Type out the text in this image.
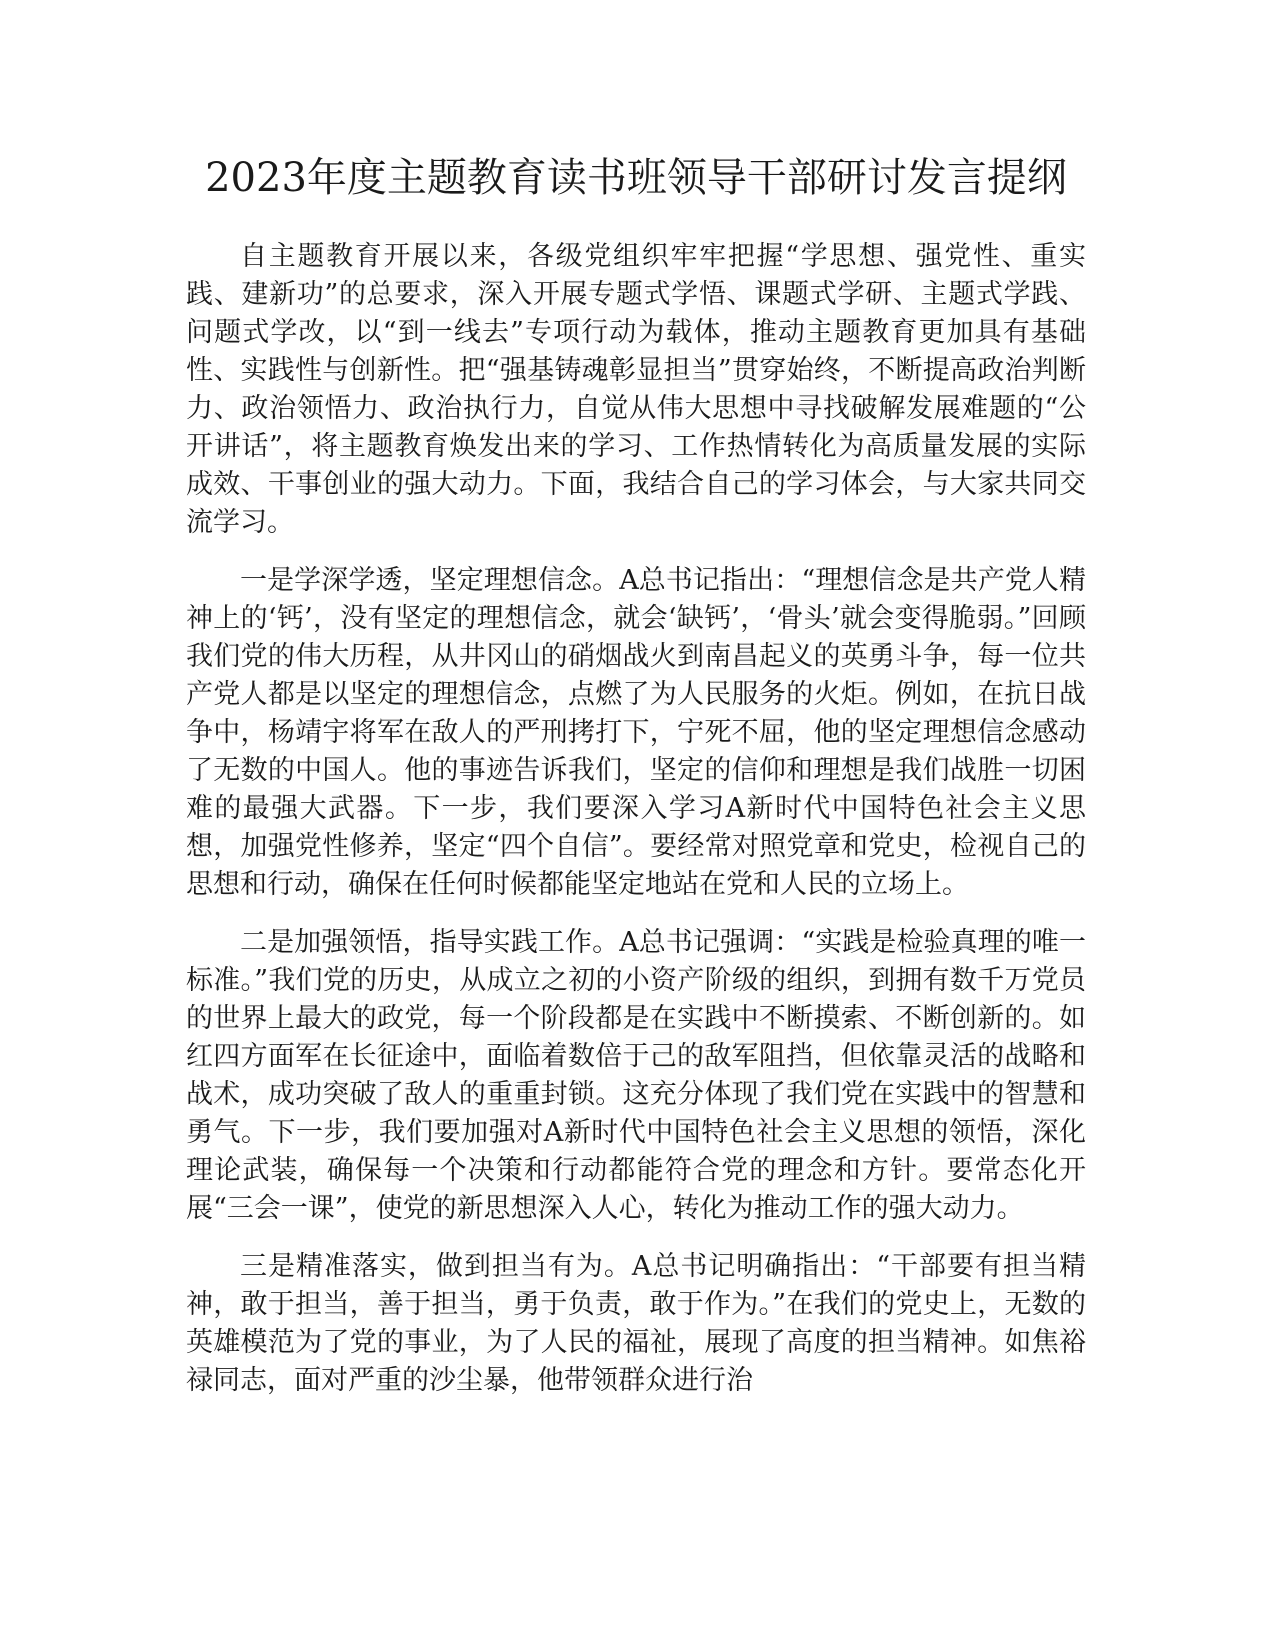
2023年度主题教育读书班领导干部研讨发言提纲

自主题教育开展以来，各级党组织牢牢把握“学思想、强党性、重实践、建新功”的总要求，深入开展专题式学悟、课题式学研、主题式学践、问题式学改，以“到一线去”专项行动为载体，推动主题教育更加具有基础性、实践性与创新性。把“强基铸魂彰显担当”贯穿始终，不断提高政治判断力、政治领悟力、政治执行力，自觉从伟大思想中寻找破解发展难题的“公开讲话”，将主题教育焕发出来的学习、工作热情转化为高质量发展的实际成效、干事创业的强大动力。下面，我结合自己的学习体会，与大家共同交流学习。

一是学深学透，坚定理想信念。A总书记指出：“理想信念是共产党人精神上的‘钙’，没有坚定的理想信念，就会‘缺钙’，‘骨头’就会变得脆弱。”回顾我们党的伟大历程，从井冈山的硝烟战火到南昌起义的英勇斗争，每一位共产党人都是以坚定的理想信念，点燃了为人民服务的火炬。例如，在抗日战争中，杨靖宇将军在敌人的严刑拷打下，宁死不屈，他的坚定理想信念感动了无数的中国人。他的事迹告诉我们，坚定的信仰和理想是我们战胜一切困难的最强大武器。下一步，我们要深入学习A新时代中国特色社会主义思想，加强党性修养，坚定“四个自信”。要经常对照党章和党史，检视自己的思想和行动，确保在任何时候都能坚定地站在党和人民的立场上。

二是加强领悟，指导实践工作。A总书记强调：“实践是检验真理的唯一标准。”我们党的历史，从成立之初的小资产阶级的组织，到拥有数千万党员的世界上最大的政党，每一个阶段都是在实践中不断摸索、不断创新的。如红四方面军在长征途中，面临着数倍于己的敌军阻挡，但依靠灵活的战略和战术，成功突破了敌人的重重封锁。这充分体现了我们党在实践中的智慧和勇气。下一步，我们要加强对A新时代中国特色社会主义思想的领悟，深化理论武装，确保每一个决策和行动都能符合党的理念和方针。要常态化开展“三会一课”，使党的新思想深入人心，转化为推动工作的强大动力。

三是精准落实，做到担当有为。A总书记明确指出：“干部要有担当精神，敢于担当，善于担当，勇于负责，敢于作为。”在我们的党史上，无数的英雄模范为了党的事业，为了人民的福祉，展现了高度的担当精神。如焦裕禄同志，面对严重的沙尘暴，他带领群众进行治
